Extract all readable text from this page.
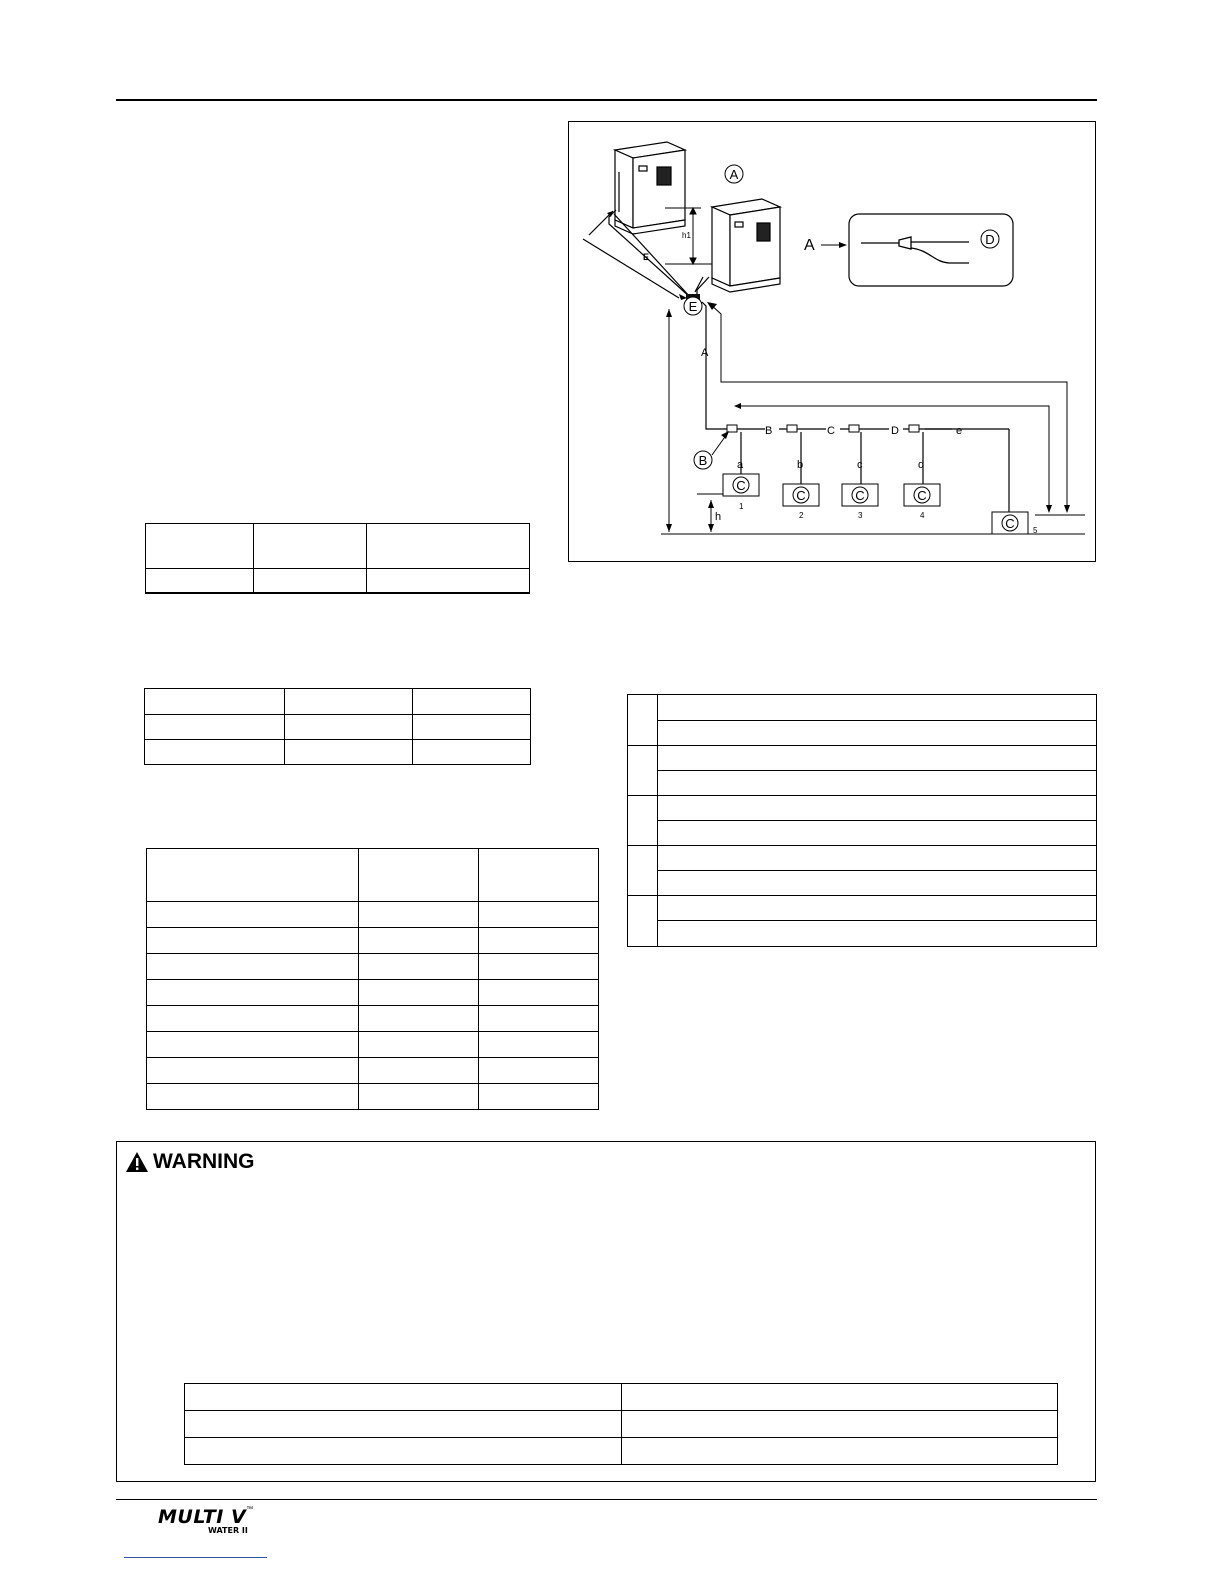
h1
E
A
E
D
A
A
B	C	D	e
a	b	c	d
B
C
C	C	C
C
1
2	3	4
5
h
WARNING

MULTI V™
WATER II
